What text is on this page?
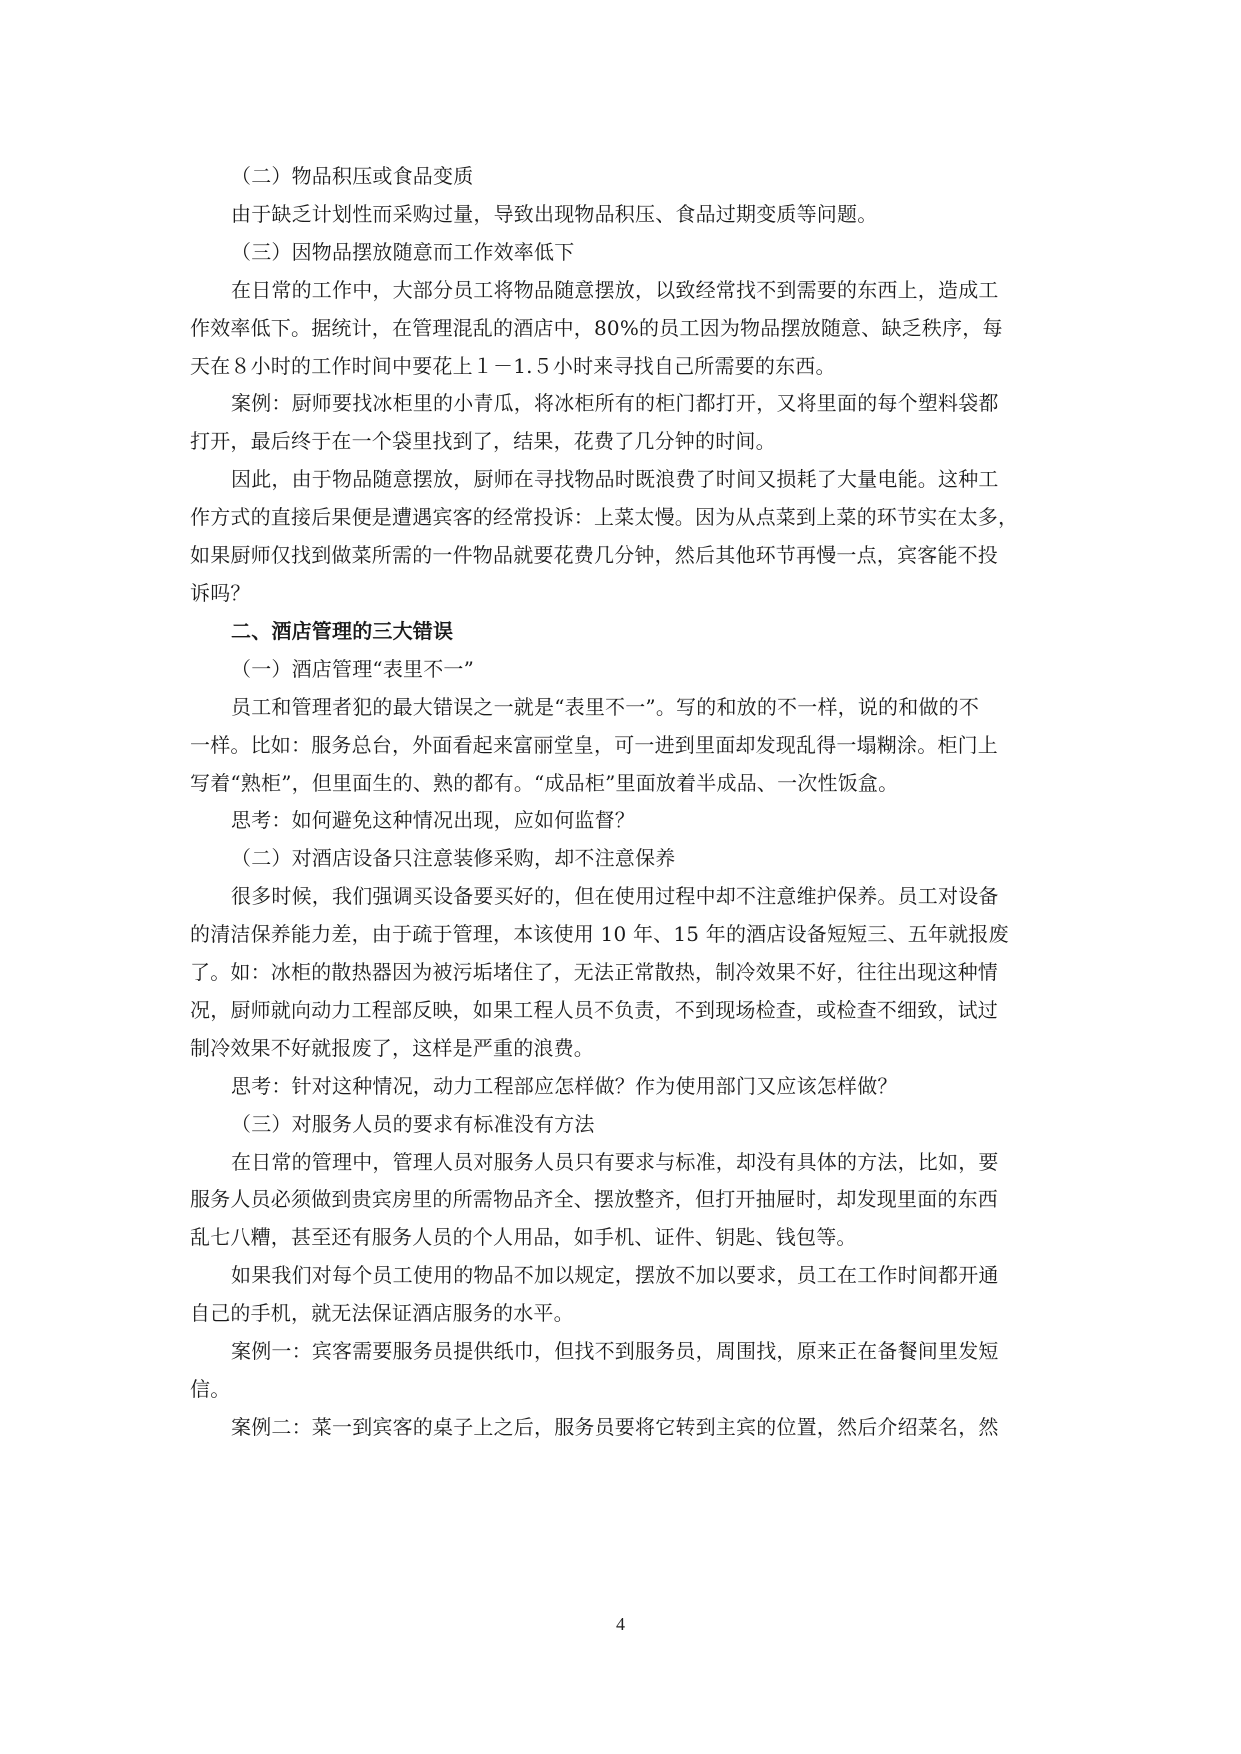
（二）物品积压或食品变质
由于缺乏计划性而采购过量，导致出现物品积压、食品过期变质等问题。
（三）因物品摆放随意而工作效率低下
在日常的工作中，大部分员工将物品随意摆放，以致经常找不到需要的东西上，造成工
作效率低下。据统计，在管理混乱的酒店中，80%的员工因为物品摆放随意、缺乏秩序，每
天在８小时的工作时间中要花上１－1.５小时来寻找自己所需要的东西。
案例：厨师要找冰柜里的小青瓜，将冰柜所有的柜门都打开，又将里面的每个塑料袋都
打开，最后终于在一个袋里找到了，结果，花费了几分钟的时间。
因此，由于物品随意摆放，厨师在寻找物品时既浪费了时间又损耗了大量电能。这种工
作方式的直接后果便是遭遇宾客的经常投诉：上菜太慢。因为从点菜到上菜的环节实在太多，
如果厨师仅找到做菜所需的一件物品就要花费几分钟，然后其他环节再慢一点，宾客能不投
诉吗？
二、酒店管理的三大错误
（一）酒店管理“表里不一”
员工和管理者犯的最大错误之一就是“表里不一”。写的和放的不一样，说的和做的不
一样。比如：服务总台，外面看起来富丽堂皇，可一进到里面却发现乱得一塌糊涂。柜门上
写着“熟柜”，但里面生的、熟的都有。“成品柜”里面放着半成品、一次性饭盒。
思考：如何避免这种情况出现，应如何监督？
（二）对酒店设备只注意装修采购，却不注意保养
很多时候，我们强调买设备要买好的，但在使用过程中却不注意维护保养。员工对设备
的清洁保养能力差，由于疏于管理，本该使用 10 年、15 年的酒店设备短短三、五年就报废
了。如：冰柜的散热器因为被污垢堵住了，无法正常散热，制冷效果不好，往往出现这种情
况，厨师就向动力工程部反映，如果工程人员不负责，不到现场检查，或检查不细致，试过
制冷效果不好就报废了，这样是严重的浪费。
思考：针对这种情况，动力工程部应怎样做？作为使用部门又应该怎样做？
（三）对服务人员的要求有标准没有方法
在日常的管理中，管理人员对服务人员只有要求与标准，却没有具体的方法，比如，要
服务人员必须做到贵宾房里的所需物品齐全、摆放整齐，但打开抽屉时，却发现里面的东西
乱七八糟，甚至还有服务人员的个人用品，如手机、证件、钥匙、钱包等。
如果我们对每个员工使用的物品不加以规定，摆放不加以要求，员工在工作时间都开通
自己的手机，就无法保证酒店服务的水平。
案例一：宾客需要服务员提供纸巾，但找不到服务员，周围找，原来正在备餐间里发短
信。
案例二：菜一到宾客的桌子上之后，服务员要将它转到主宾的位置，然后介绍菜名，然
4
